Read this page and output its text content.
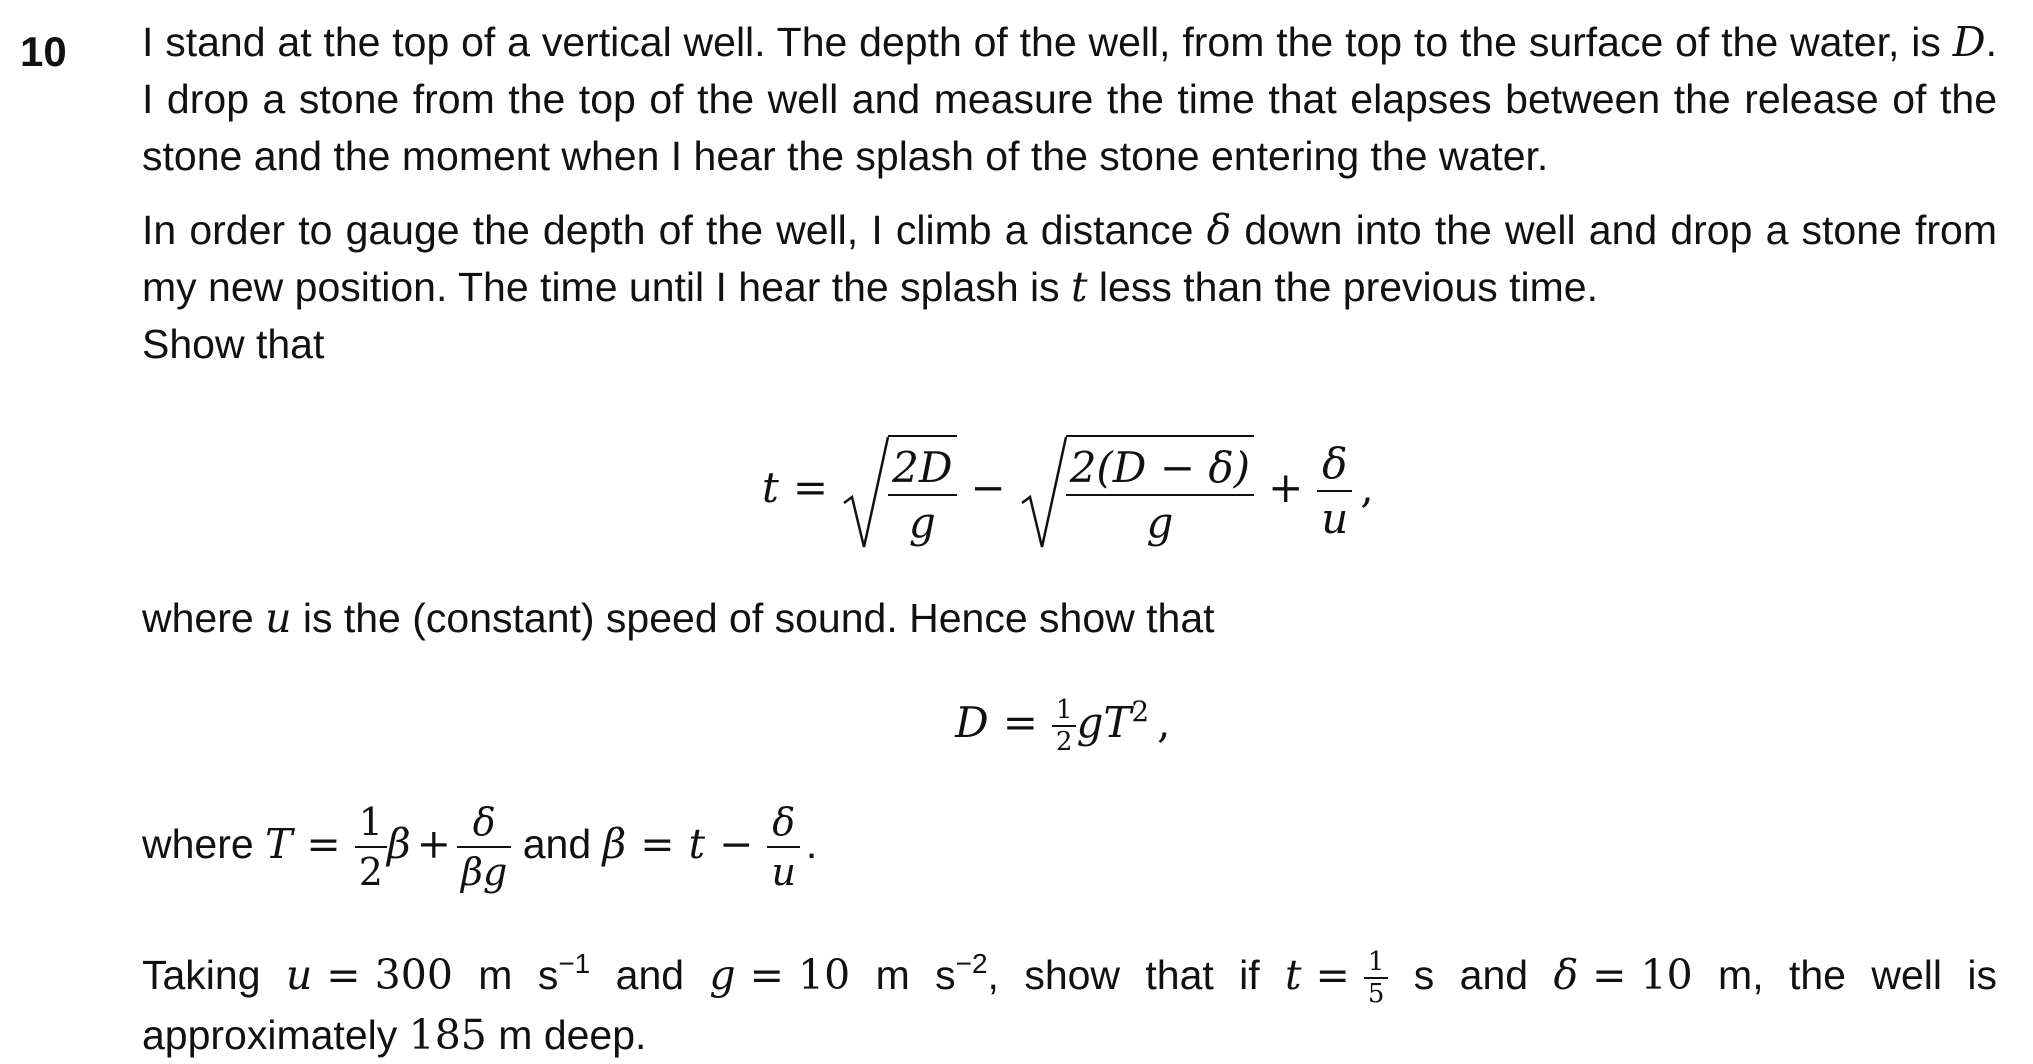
10 I stand at the top of a vertical well. The depth of the well, from the top to the surface of the water, is D. I drop a stone from the top of the well and measure the time that elapses between the release of the stone and the moment when I hear the splash of the stone entering the water.
In order to gauge the depth of the well, I climb a distance δ down into the well and drop a stone from my new position. The time until I hear the splash is t less than the previous time.
Show that
$t = \frac{2D}{g} - \frac{2(D - \delta)}{g} + \frac{\delta}{u}$ ,
where u is the (constant) speed of sound. Hence show that
$D = \frac{1}{2} gT^2$ ,
where $T = \frac{1}{2}$ $\beta + \frac{\delta}{\beta g}$ and $\beta = t - \frac{\delta}{u}$ .
Taking u = 300 m $s^{-1}$ and g = 10 m $s^{-2}$, show that if $t = \frac{1}{5}$ s and δ = 10 m, the well is approximately 185 m deep.
